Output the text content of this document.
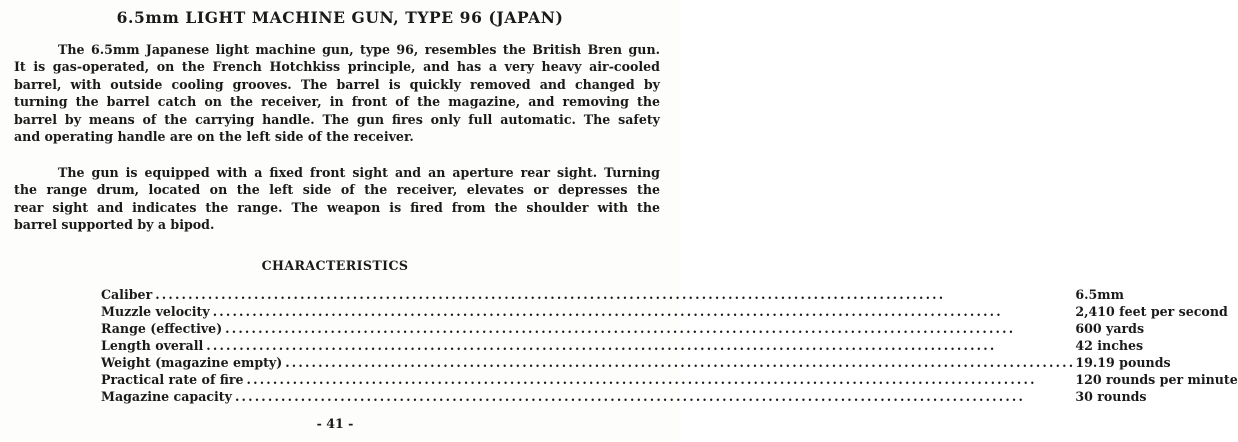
6.5mm LIGHT MACHINE GUN, TYPE 96 (JAPAN)
The 6.5mm Japanese light machine gun, type 96, resembles the British Bren gun.
It is gas-operated, on the French Hotchkiss principle, and has a very heavy air-cooled
barrel, with outside cooling grooves. The barrel is quickly removed and changed by
turning the barrel catch on the receiver, in front of the magazine, and removing the
barrel by means of the carrying handle. The gun fires only full automatic. The safety
and operating handle are on the left side of the receiver.
The gun is equipped with a fixed front sight and an aperture rear sight. Turning
the range drum, located on the left side of the receiver, elevates or depresses the
rear sight and indicates the range. The weapon is fired from the shoulder with the
barrel supported by a bipod.
CHARACTERISTICS
Caliber ........................................................................................................................	6.5mm
Muzzle velocity ........................................................................................................................	2,410 feet per second
Range (effective) ........................................................................................................................	600 yards
Length overall ........................................................................................................................	42 inches
Weight (magazine empty) ........................................................................................................................	19.19 pounds
Practical rate of fire ........................................................................................................................	120 rounds per minute
Magazine capacity ........................................................................................................................	30 rounds
- 41 -
